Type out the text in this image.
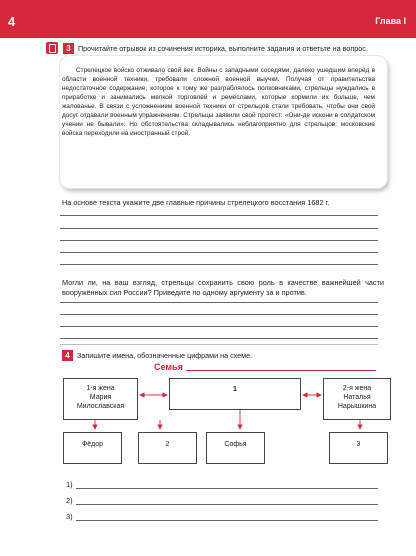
4	Глава I
3	Прочитайте отрывок из сочинения историка, выполните задания и ответьте на вопрос.
Стрелецкое войско отживало свой век. Войны с западными соседями, далеко ушедшим вперёд в области военной техники, требовали сложной военной выучки. Получая от правительства недостаточное содержание, которое к тому же разграблялось полковниками, стрельцы нуждались в приработке и занимались мелкой торговлей и ремёслами, которые кормили их больше, чем жалованье. В связи с усложнением военной техники от стрельцов стали требовать, чтобы они свой досуг отдавали военным упражнениям. Стрельцы заявили свой протест: «Они-де искони в солдатском учении не бывали». Но обстоятельства складывались неблагоприятно для стрельцов: московские войска переходили на иностранный строй.
На основе текста укажите две главные причины стрелецкого восстания 1682 г.
Могли ли, на ваш взгляд, стрельцы сохранить свою роль в качестве важнейшей части вооружённых сил России? Приведите по одному аргументу за и против.
4	Запишите имена, обозначенные цифрами на схеме.
Семья
1-я жена
Мария
Милославская
1	2-я жена
Наталья
Нарышкина
Фёдор	2	Софья	3
1)
2)
3)
